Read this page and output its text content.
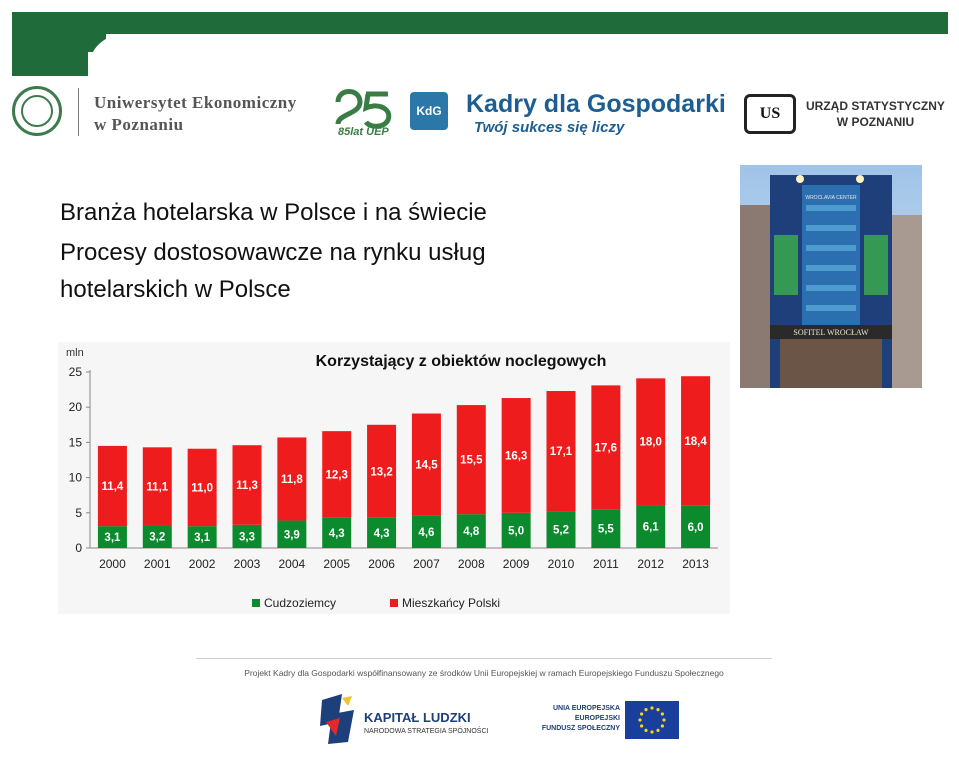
Uniwersytet Ekonomiczny
w Poznaniu	85lat UEP
KdG Kadry dla Gospodarki
Twój sukces się liczy
US	URZĄD STATYSTYCZNY
W POZNANIU
Branża hotelarska w Polsce i na świecie
Procesy dostosowawcze na rynku usług hotelarskich w Polsce
WROCLAVIA CENTER
SOFITEL WROCŁAW
Korzystający z obiektów noclegowych
mln
0
5
10
15
20
25
2000 2001 2002 2003 2004 2005 2006 2007 2008 2009 2010 2011 2012 2013
3,1
11,4
3,2
11,1
3,1
11,0
3,3
11,3
3,9
11,8
4,3
12,3
4,3
13,2
4,6
14,5
4,8
15,5
5,0
16,3
5,2
17,1
5,5
17,6
6,1
18,0
6,0
18,4
Cudzoziemcy	Mieszkańcy Polski
Projekt Kadry dla Gospodarki współfinansowany ze środków Unii Europejskiej w ramach Europejskiego Funduszu Społecznego
KAPITAŁ LUDZKI
NARODOWA STRATEGIA SPÓJNOŚCI
UNIA EUROPEJSKA
EUROPEJSKI
FUNDUSZ SPOŁECZNY
